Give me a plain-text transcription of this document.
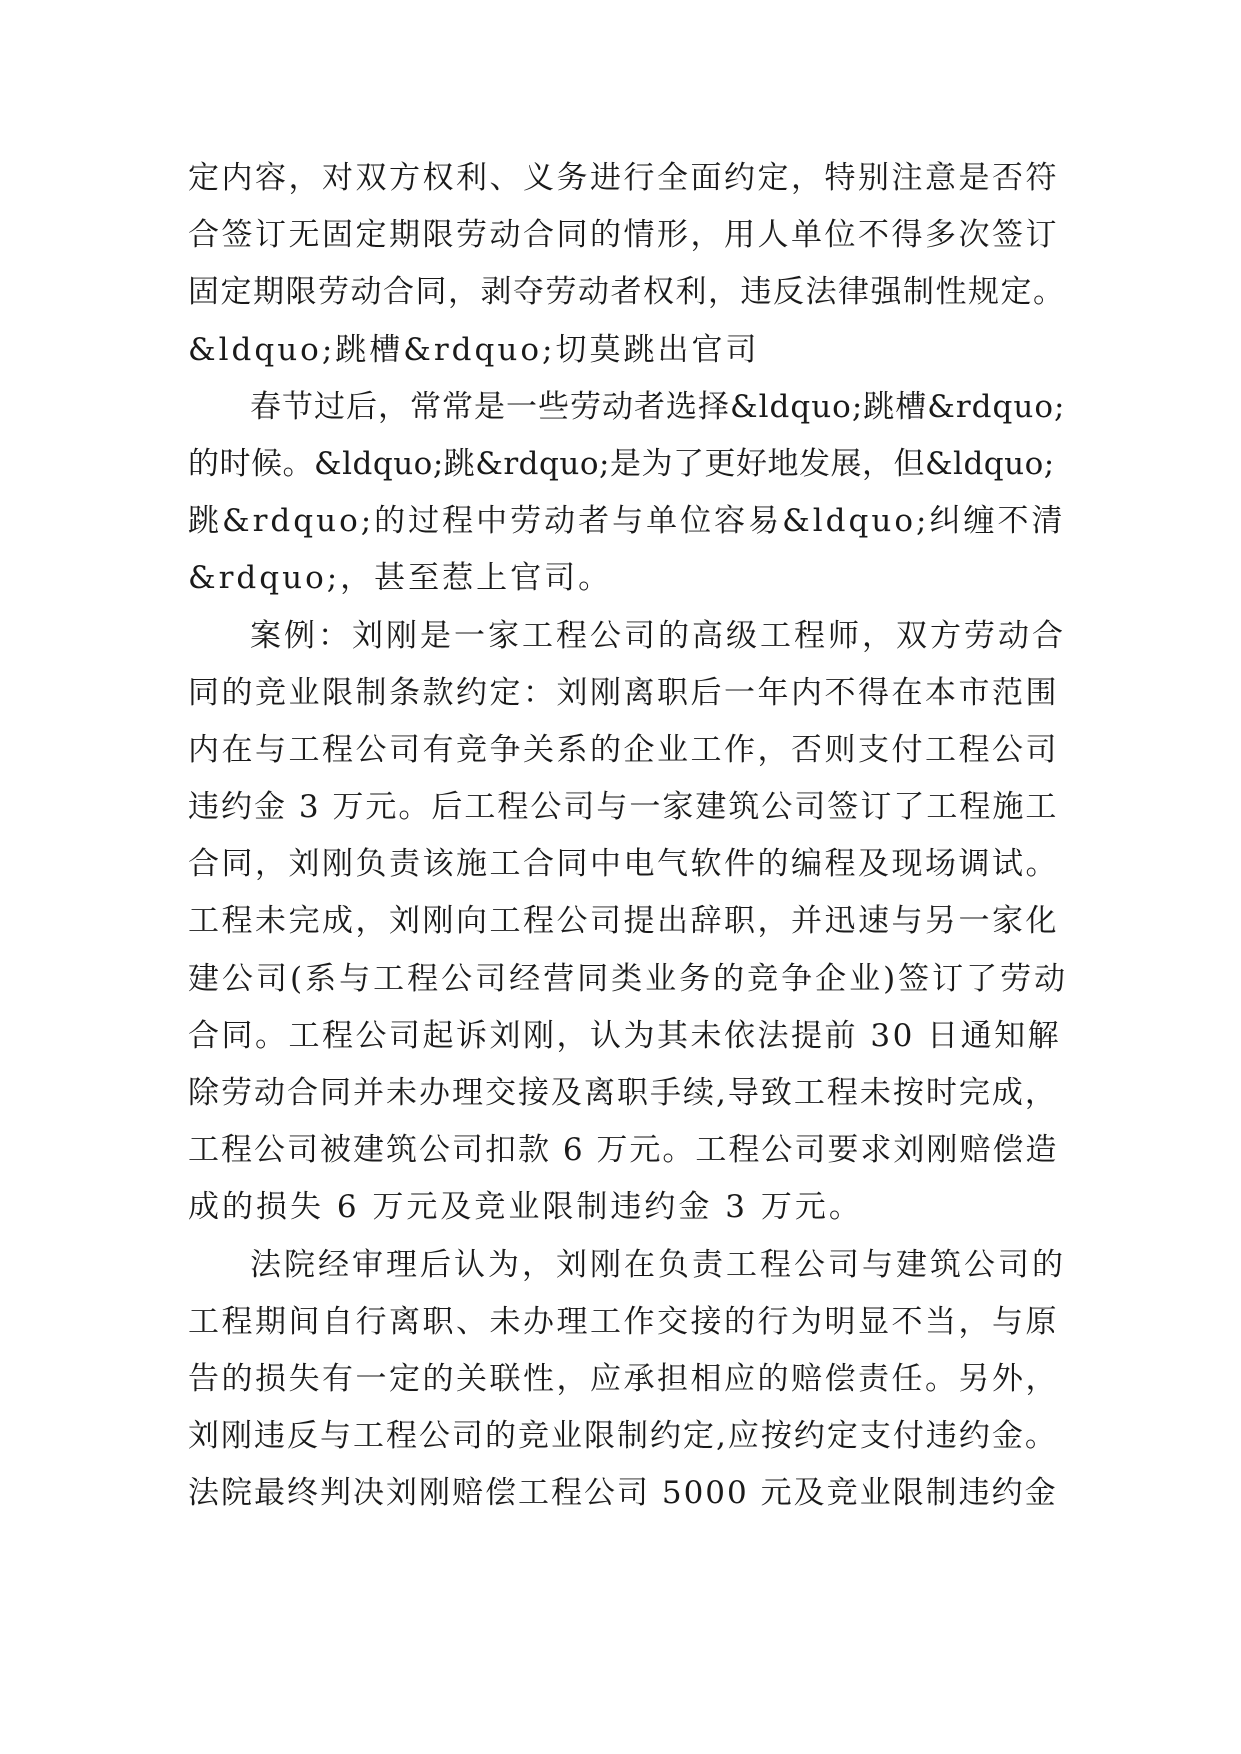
定内容，对双方权利、义务进行全面约定，特别注意是否符
合签订无固定期限劳动合同的情形，用人单位不得多次签订
固定期限劳动合同，剥夺劳动者权利，违反法律强制性规定。
&ldquo;跳槽&rdquo;切莫跳出官司
春节过后，常常是一些劳动者选择&ldquo;跳槽&rdquo;
的时候。&ldquo;跳&rdquo;是为了更好地发展，但&ldquo;
跳&rdquo;的过程中劳动者与单位容易&ldquo;纠缠不清
&rdquo;，甚至惹上官司。
案例：刘刚是一家工程公司的高级工程师，双方劳动合
同的竞业限制条款约定：刘刚离职后一年内不得在本市范围
内在与工程公司有竞争关系的企业工作，否则支付工程公司
违约金 3 万元。后工程公司与一家建筑公司签订了工程施工
合同，刘刚负责该施工合同中电气软件的编程及现场调试。
工程未完成，刘刚向工程公司提出辞职，并迅速与另一家化
建公司(系与工程公司经营同类业务的竞争企业)签订了劳动
合同。工程公司起诉刘刚，认为其未依法提前 30 日通知解
除劳动合同并未办理交接及离职手续,导致工程未按时完成，
工程公司被建筑公司扣款 6 万元。工程公司要求刘刚赔偿造
成的损失 6 万元及竞业限制违约金 3 万元。
法院经审理后认为，刘刚在负责工程公司与建筑公司的
工程期间自行离职、未办理工作交接的行为明显不当，与原
告的损失有一定的关联性，应承担相应的赔偿责任。另外，
刘刚违反与工程公司的竞业限制约定,应按约定支付违约金。
法院最终判决刘刚赔偿工程公司 5000 元及竞业限制违约金
